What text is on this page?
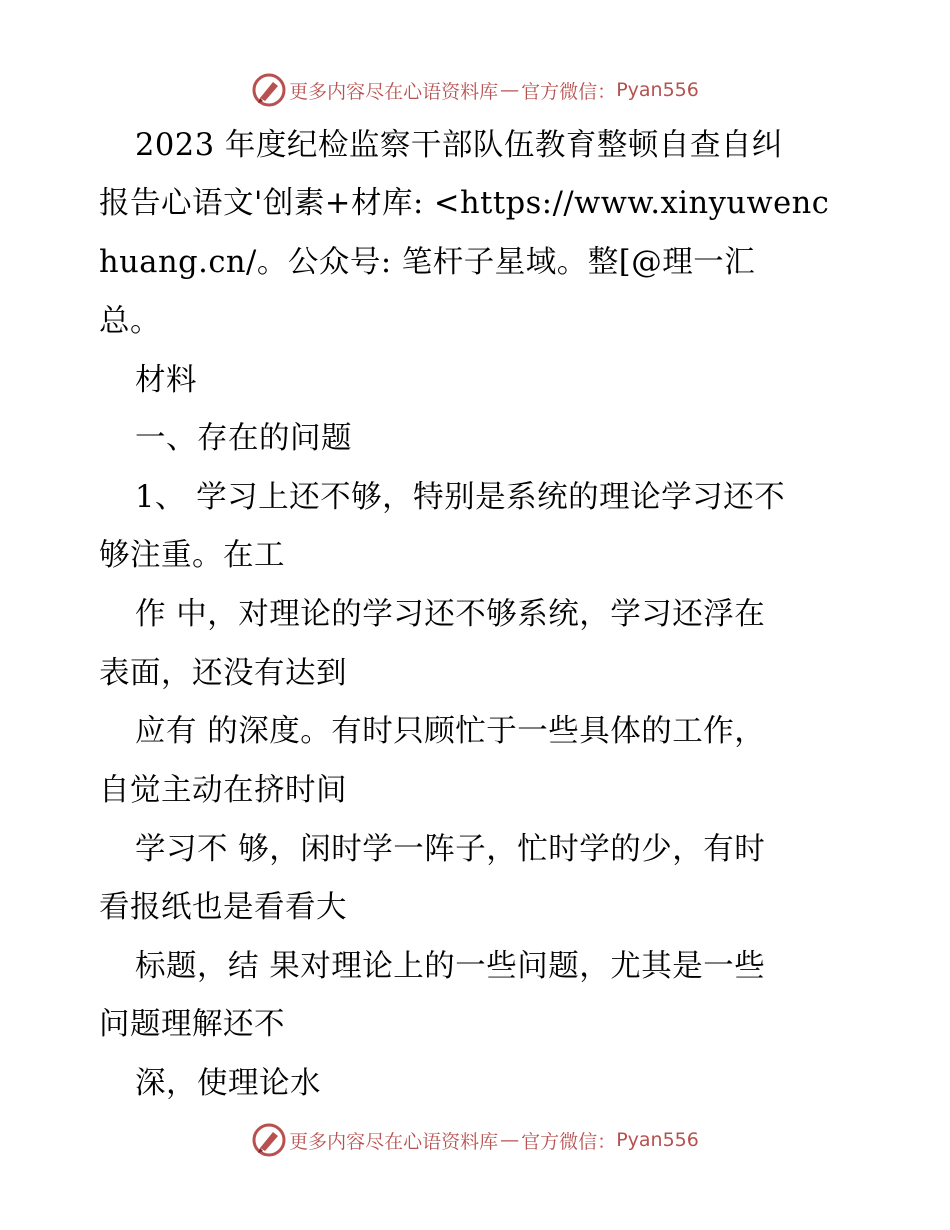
更多内容尽在心语资料库 — 官方微信： Pyan556
2023 年度纪检监察干部队伍教育整顿自查自纠
报告心语文'创素+材库: <https://www.xinyuwenc
huang.cn/。公众号: 笔杆子星域。整[@理一汇
总。
材料
一、存在的问题
1、 学习上还不够，特别是系统的理论学习还不
够注重。在工
作 中，对理论的学习还不够系统，学习还浮在
表面，还没有达到
应有 的深度。有时只顾忙于一些具体的工作，
自觉主动在挤时间
学习不 够，闲时学一阵子，忙时学的少，有时
看报纸也是看看大
标题，结 果对理论上的一些问题，尤其是一些
问题理解还不
深，使理论水
更多内容尽在心语资料库 — 官方微信： Pyan556
